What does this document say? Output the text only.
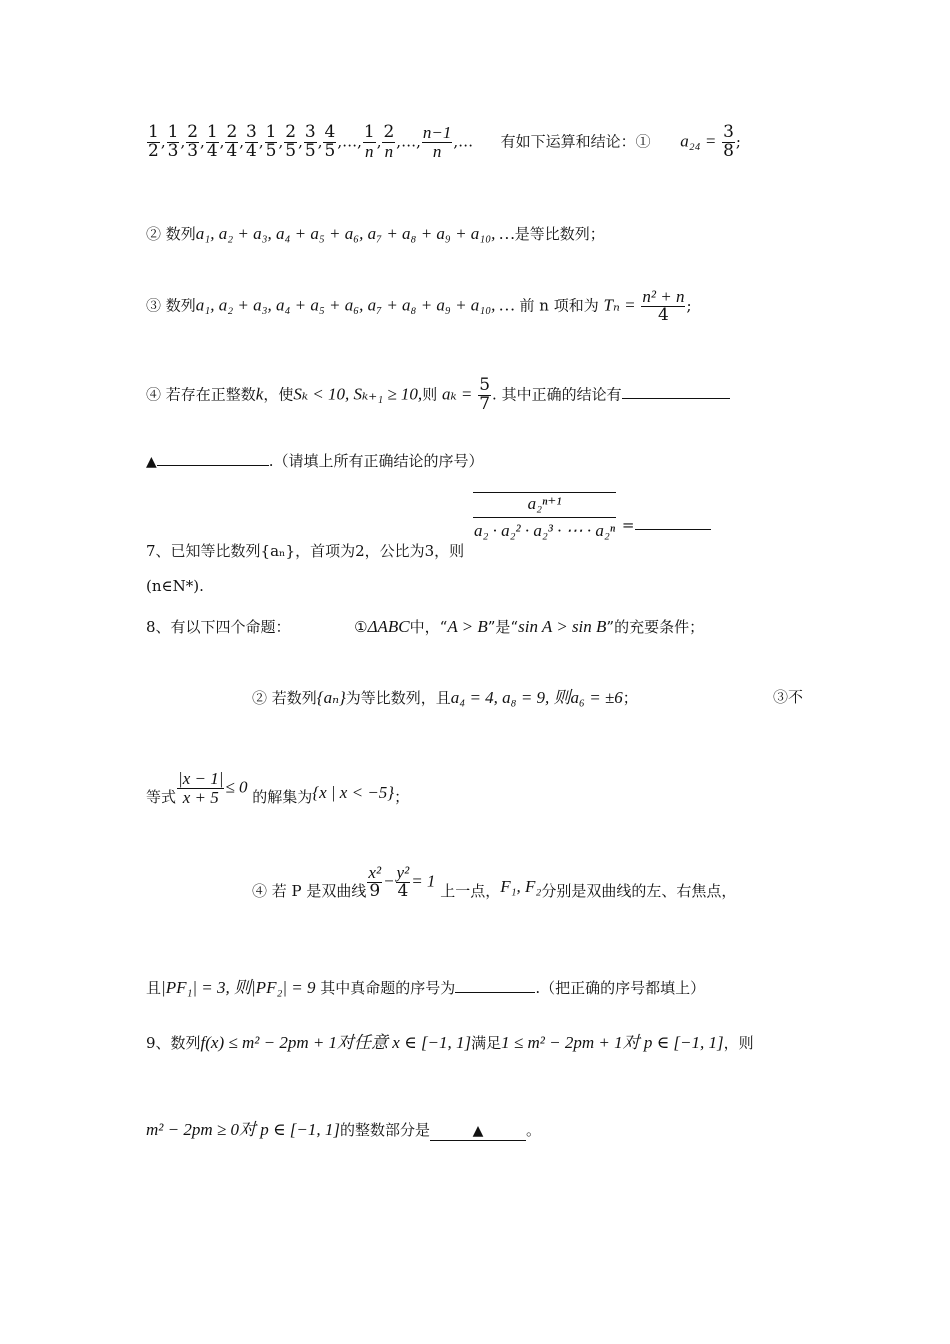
$\frac{1}{2}$ , $\frac{1}{3}$ , $\frac{2}{3}$ , $\frac{1}{4}$ , $\frac{2}{4}$ , $\frac{3}{4}$ , $\frac{1}{5}$ , $\frac{2}{5}$ , $\frac{3}{5}$ , $\frac{4}{5}$ ,…, $\frac{1}{n}$ , $\frac{2}{n}$ ,…, $\frac{n-1}{n}$ ,… 有如下运算和结论：① $a_{24} = \frac{3}{8}$ ;
② 数列a₁, a₂ + a₃, a₄ + a₅ + a₆, a₇ + a₈ + a₉ + a₁₀, …是等比数列；
③ 数列a₁, a₂ + a₃, a₄ + a₅ + a₆, a₇ + a₈ + a₉ + a₁₀, … 前 n 项和为 $T_n = \frac{\text{n² + n}}{4}$ ;
④ 若存在正整数k，使Sₖ < 10, Sₖ₊₁ ≥ 10,则 $a_k = \frac{5}{7}$ . 其中正确的结论有
▲	.（请填上所有正确结论的序号）
7、已知等比数列{aₙ}，首项为2，公比为3，则
$\frac{\text{a₂ⁿ⁺¹}}{\text{a₂ · a₂² · a₂³ · ⋯ · a₂ⁿ}}$ =
(n∈N*).
8、有以下四个命题：	①ΔABC中，“A > B”是“sin A > sin B”的充要条件；
② 若数列{aₙ}为等比数列，且a₄ = 4, a₈ = 9, 则a₆ = ±6；	③不
等式 $\frac{|x - 1|}{x + 5} \le 0$ 的解集为{x | x < −5}；
④ 若 P 是双曲线 $\frac{\text{x²}}{9} - \frac{\text{y²}}{4} = 1$ 上一点，F₁, F₂分别是双曲线的左、右焦点，
且|PF₁| = 3, 则|PF₂| = 9 其中真命题的序号为	.（把正确的序号都填上）
9、数列f(x) ≤ m² − 2pm + 1对任意 x ∈ [−1, 1]满足1 ≤ m² − 2pm + 1对 p ∈ [−1, 1]，则
m² − 2pm ≥ 0对 p ∈ [−1, 1]的整数部分是	▲	。
